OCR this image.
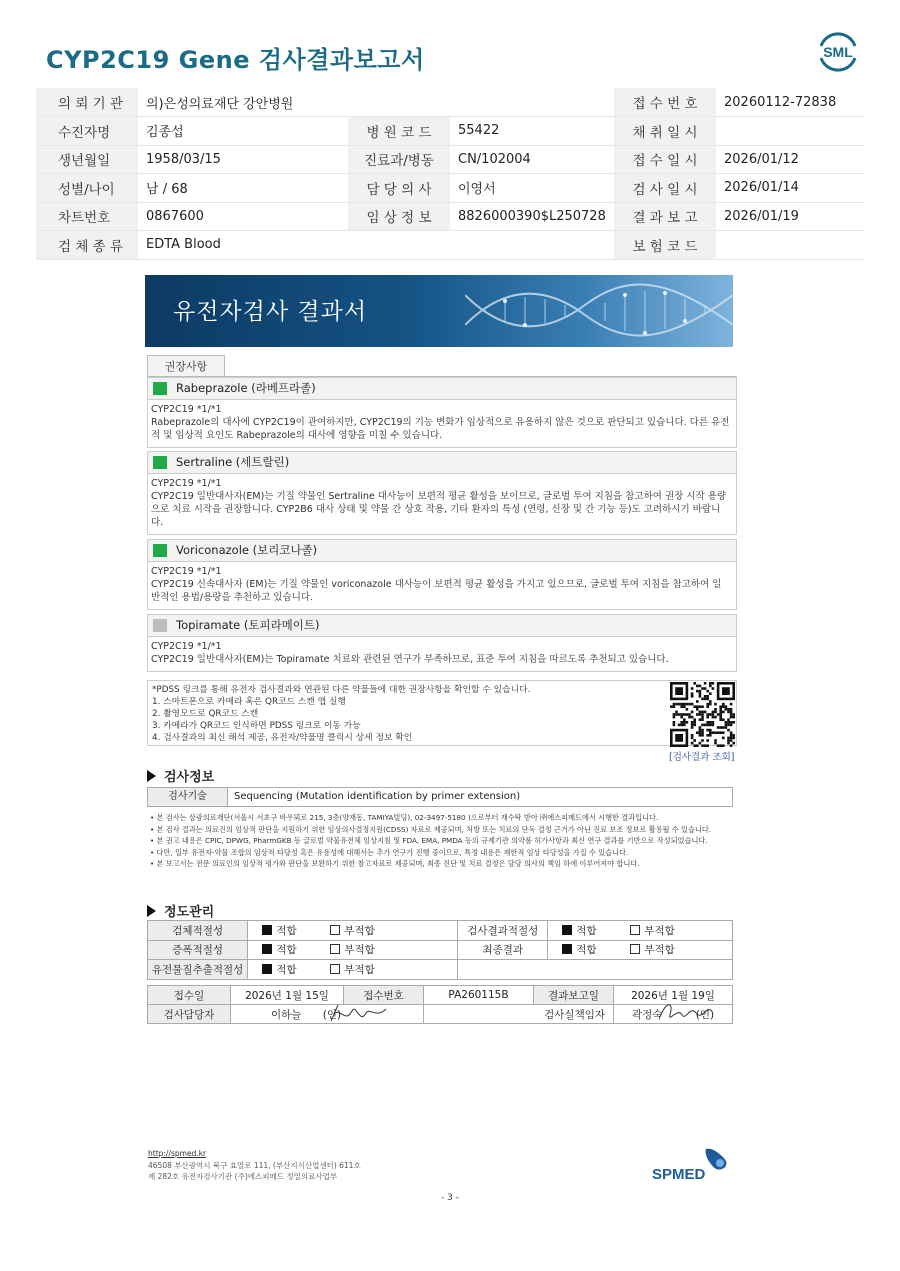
CYP2C19 Gene 검사결과보고서	SML
의 뢰 기 관	의)은성의료재단 강안병원			접 수 번 호	20260112-72838
수진자명	김종섭	병 원 코 드	55422	채 취 일 시	
생년월일	1958/03/15	진료과/병동	CN/102004	접 수 일 시	2026/01/12
성별/나이	남 / 68	담 당 의 사	이영서	검 사 일 시	2026/01/14
차트번호	0867600	임 상 정 보	8826000390$L250728	결 과 보 고	2026/01/19
검 체 종 류	EDTA Blood			보 험 코 드	
유전자검사 결과서
권장사항
Rabeprazole (라베프라졸)
CYP2C19 *1/*1
Rabeprazole의 대사에 CYP2C19이 관여하지만, CYP2C19의 기능 변화가 임상적으로 유용하지 않은 것으로 판단되고 있습니다. 다른 유전적 및 임상적 요인도 Rabeprazole의 대사에 영향을 미칠 수 있습니다.
Sertraline (세트랄린)
CYP2C19 *1/*1
CYP2C19 일반대사자(EM)는 기질 약물인 Sertraline 대사능이 보편적 평균 활성을 보이므로, 글로벌 투여 지침을 참고하여 권장 시작 용량으로 치료 시작을 권장합니다. CYP2B6 대사 상태 및 약물 간 상호 작용, 기타 환자의 특성 (연령, 신장 및 간 기능 등)도 고려하시기 바랍니다.
Voriconazole (보리코나졸)
CYP2C19 *1/*1
CYP2C19 신속대사자 (EM)는 기질 약물인 voriconazole 대사능이 보편적 평균 활성을 가지고 있으므로, 글로벌 투여 지침을 참고하여 일반적인 용법/용량을 추천하고 있습니다.
Topiramate (토피라메이트)
CYP2C19 *1/*1
CYP2C19 일반대사자(EM)는 Topiramate 치료와 관련된 연구가 부족하므로, 표준 투여 지침을 따르도록 추천되고 있습니다.
*PDSS 링크를 통해 유전자 검사결과와 연관된 다른 약물들에 대한 권장사항을 확인할 수 있습니다.
1. 스마트폰으로 카메라 혹은 QR코드 스캔 앱 실행
2. 촬영모드로 QR코드 스캔
3. 카메라가 QR코드 인식하면 PDSS 링크로 이동 가능
4. 검사결과의 최신 해석 제공, 유전자/약물명 클릭시 상세 정보 확인
[검사결과 조회]
검사정보
검사기술	Sequencing (Mutation identification by primer extension)
• 본 검사는 삼광의료재단(서울시 서초구 바우뫼로 215, 3층(양재동, TAMIYA빌딩), 02-3497-5180 )으로부터 재수탁 받아 ㈜에스피메드에서 시행한 결과입니다.
• 본 검사 결과는 의료진의 임상적 판단을 지원하기 위한 임상의사결정지원(CDSS) 자료로 제공되며, 처방 또는 치료의 단독 결정 근거가 아닌 진료 보조 정보로 활용될 수 있습니다.
• 본 권고 내용은 CPIC, DPWG, PharmGKB 등 글로벌 약물유전체 임상지침 및 FDA, EMA, PMDA 등의 규제기관 의약품 허가사항과 최신 연구 결과를 기반으로 작성되었습니다.
• 다만, 일부 유전자-약물 조합의 임상적 타당성 혹은 유용성에 대해서는 추가 연구가 진행 중이므로, 특정 내용은 제한적 임상 타당성을 가질 수 있습니다.
• 본 보고서는 전문 의료인의 임상적 평가와 판단을 보완하기 위한 참고자료로 제공되며, 최종 진단 및 치료 결정은 담당 의사의 책임 하에 이루어져야 합니다.
정도관리
검체적절성	적합 부적합	검사결과적절성	적합 부적합
증폭적절성	적합 부적합	최종결과	적합 부적합
유전물질추출적절성	적합 부적합		
접수일	2026년 1월 15일	접수번호	PA260115B	결과보고일	2026년 1월 19일
검사담당자	이하늘 (인)		검사실책임자		곽정숙 (인)
http://spmed.kr
46508 부산광역시 북구 효열로 111, (부산지식산업센터) 611호
제 282호 유전자검사기관 (주)에스피메드 정밀의료사업부	SPMED
- 3 -
